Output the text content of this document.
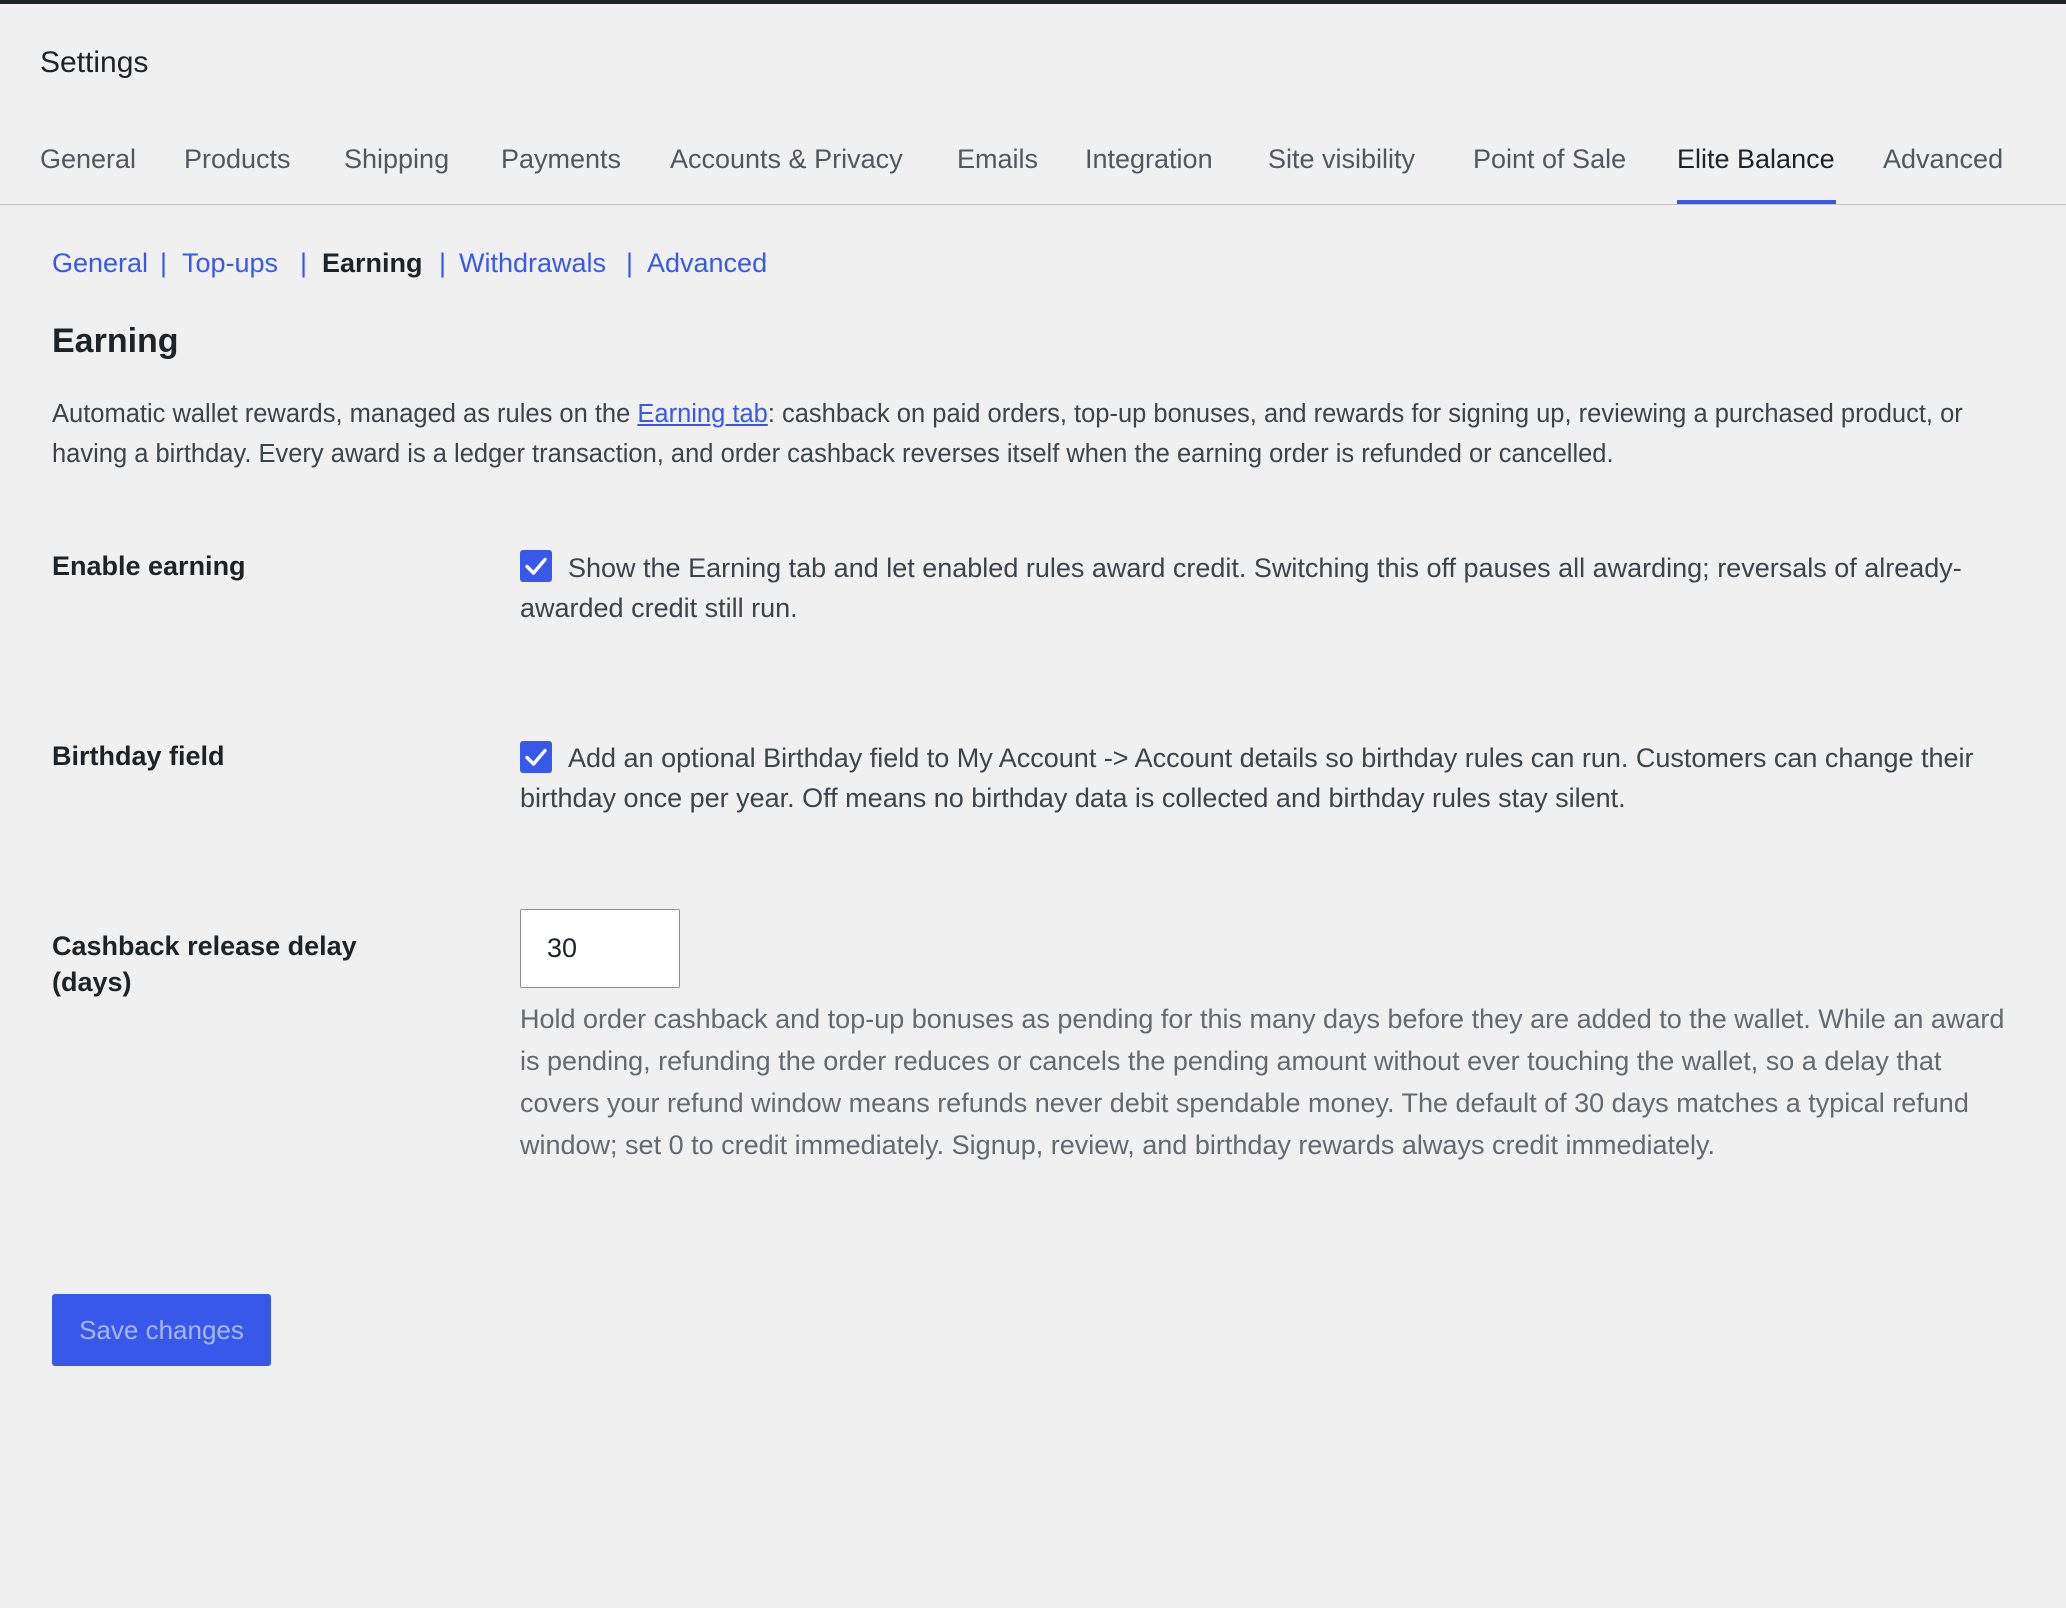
Settings
General Products Shipping Payments Accounts & Privacy Emails Integration Site visibility Point of Sale Elite Balance Advanced
General | Top-ups | Earning | Withdrawals | Advanced
Earning

Automatic wallet rewards, managed as rules on the Earning tab: cashback on paid orders, top-up bonuses, and rewards for signing up, reviewing a purchased product, or having a birthday. Every award is a ledger transaction, and order cashback reverses itself when the earning order is refunded or cancelled.

Enable earning	Show the Earning tab and let enabled rules award credit. Switching this off pauses all awarding; reversals of already-awarded credit still run.

Birthday field	Add an optional Birthday field to My Account -> Account details so birthday rules can run. Customers can change their birthday once per year. Off means no birthday data is collected and birthday rules stay silent.

Cashback release delay (days)
30

Hold order cashback and top-up bonuses as pending for this many days before they are added to the wallet. While an award is pending, refunding the order reduces or cancels the pending amount without ever touching the wallet, so a delay that covers your refund window means refunds never debit spendable money. The default of 30 days matches a typical refund window; set 0 to credit immediately. Signup, review, and birthday rewards always credit immediately.

Save changes
